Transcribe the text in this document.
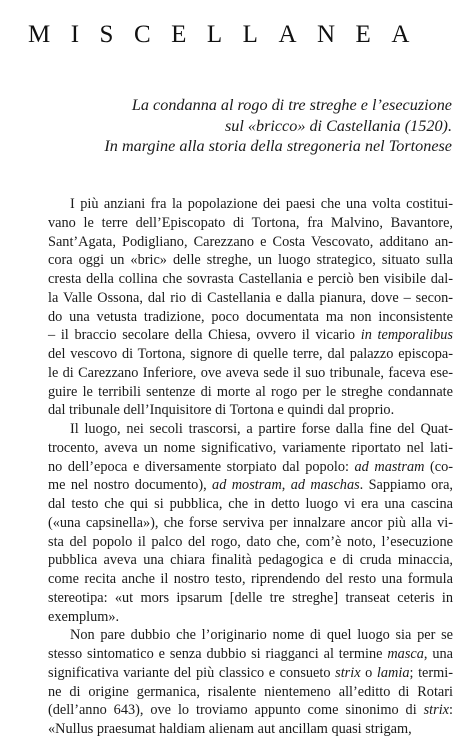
MISCELLANEA
La condanna al rogo di tre streghe e l’esecuzione
sul «bricco» di Castellania (1520).
In margine alla storia della stregoneria nel Tortonese
I più anziani fra la popolazione dei paesi che una volta costitui-
vano le terre dell’Episcopato di Tortona, fra Malvino, Bavantore,
Sant’Agata, Podigliano, Carezzano e Costa Vescovato, additano an-
cora oggi un «bric» delle streghe, un luogo strategico, situato sulla
cresta della collina che sovrasta Castellania e perciò ben visibile dal-
la Valle Ossona, dal rio di Castellania e dalla pianura, dove – secon-
do una vetusta tradizione, poco documentata ma non inconsistente
– il braccio secolare della Chiesa, ovvero il vicario in temporalibus
del vescovo di Tortona, signore di quelle terre, dal palazzo episcopa-
le di Carezzano Inferiore, ove aveva sede il suo tribunale, faceva ese-
guire le terribili sentenze di morte al rogo per le streghe condannate
dal tribunale dell’Inquisitore di Tortona e quindi dal proprio.
Il luogo, nei secoli trascorsi, a partire forse dalla fine del Quat-
trocento, aveva un nome significativo, variamente riportato nel lati-
no dell’epoca e diversamente storpiato dal popolo: ad mastram (co-
me nel nostro documento), ad mostram, ad maschas. Sappiamo ora,
dal testo che qui si pubblica, che in detto luogo vi era una cascina
(«una capsinella»), che forse serviva per innalzare ancor più alla vi-
sta del popolo il palco del rogo, dato che, com’è noto, l’esecuzione
pubblica aveva una chiara finalità pedagogica e di cruda minaccia,
come recita anche il nostro testo, riprendendo del resto una formula
stereotipa: «ut mors ipsarum [delle tre streghe] transeat ceteris in
exemplum».
Non pare dubbio che l’originario nome di quel luogo sia per se
stesso sintomatico e senza dubbio si riagganci al termine masca, una
significativa variante del più classico e consueto strix o lamia; termi-
ne di origine germanica, risalente nientemeno all’editto di Rotari
(dell’anno 643), ove lo troviamo appunto come sinonimo di strix:
«Nullus praesumat haldiam alienam aut ancillam quasi strigam,
